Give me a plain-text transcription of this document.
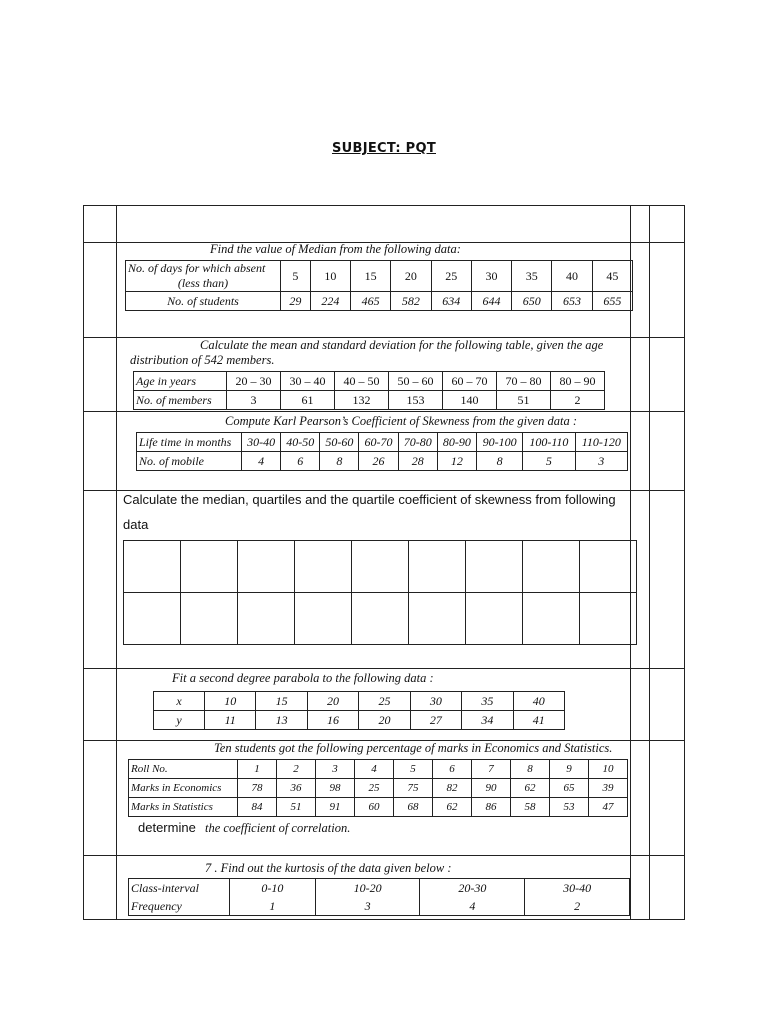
SUBJECT: PQT
Find the value of Median from the following data:
No. of days for which absent
(less than)	5	10	15	20	25	30	35	40	45
No. of students	29	224	465	582	634	644	650	653	655
Calculate the mean and standard deviation for the following table, given the age
distribution of 542 members.
Age in years	20 – 30	30 – 40	40 – 50	50 – 60	60 – 70	70 – 80	80 – 90
No. of members	3	61	132	153	140	51	2
Compute Karl Pearson’s Coefficient of Skewness from the given data :
Life time in months	30-40	40-50	50-60	60-70	70-80	80-90	90-100	100-110	110-120
No. of mobile	4	6	8	26	28	12	8	5	3
Calculate the median, quartiles and the quartile coefficient of skewness from following
data

Fit a second degree parabola to the following data :
x	10	15	20	25	30	35	40
y	11	13	16	20	27	34	41
Ten students got the following percentage of marks in Economics and Statistics.
Roll No.	1	2	3	4	5	6	7	8	9	10
Marks in Economics	78	36	98	25	75	82	90	62	65	39
Marks in Statistics	84	51	91	60	68	62	86	58	53	47
determine the coefficient of correlation.
7 . Find out the kurtosis of the data given below :
Class-interval	0-10	10-20	20-30	30-40
Frequency	1	3	4	2
